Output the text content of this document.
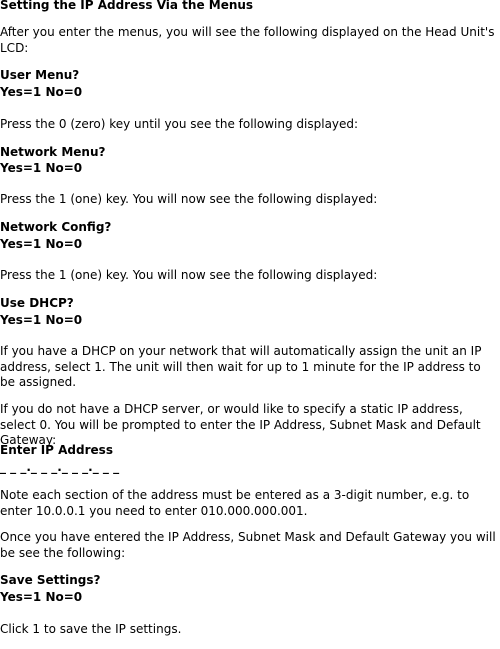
Setting the IP Address Via the Menus
After you enter the menus, you will see the following displayed on the Head Unit's LCD:
User Menu?
Yes=1 No=0
Press the 0 (zero) key until you see the following displayed:
Network Menu?
Yes=1 No=0
Press the 1 (one) key. You will now see the following displayed:
Network Config?
Yes=1 No=0
Press the 1 (one) key. You will now see the following displayed:
Use DHCP?
Yes=1 No=0
If you have a DHCP on your network that will automatically assign the unit an IP address, select 1. The unit will then wait for up to 1 minute for the IP address to be assigned.
If you do not have a DHCP server, or would like to specify a static IP address, select 0. You will be prompted to enter the IP Address, Subnet Mask and Default Gateway:
Enter IP Address
_ _ _._ _ _._ _ _._ _ _
Note each section of the address must be entered as a 3-digit number, e.g. to enter 10.0.0.1 you need to enter 010.000.000.001.
Once you have entered the IP Address, Subnet Mask and Default Gateway you will be see the following:
Save Settings?
Yes=1 No=0
Click 1 to save the IP settings.
